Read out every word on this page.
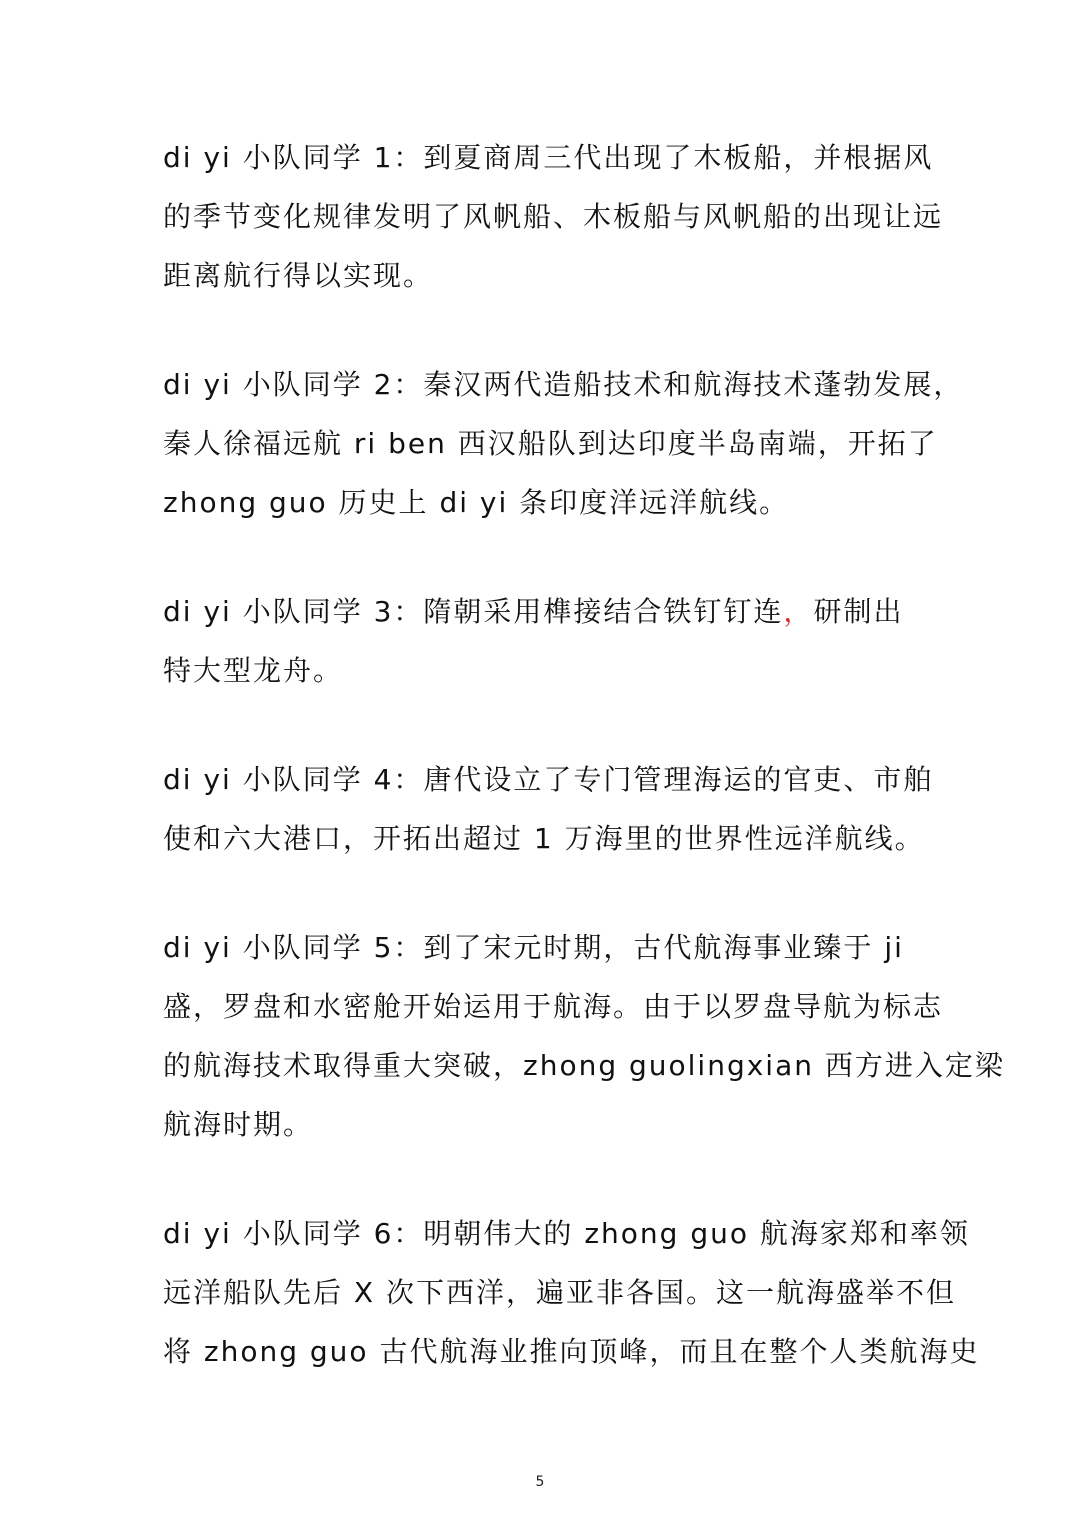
di yi 小队同学 1：到夏商周三代出现了木板船，并根据风
的季节变化规律发明了风帆船、木板船与风帆船的出现让远
距离航行得以实现。
di yi 小队同学 2：秦汉两代造船技术和航海技术蓬勃发展，
秦人徐福远航 ri ben 西汉船队到达印度半岛南端，开拓了
zhong guo 历史上 di yi 条印度洋远洋航线。
di yi 小队同学 3：隋朝采用榫接结合铁钉钉连，研制出
特大型龙舟。
di yi 小队同学 4：唐代设立了专门管理海运的官吏、市舶
使和六大港口，开拓出超过 1 万海里的世界性远洋航线。
di yi 小队同学 5：到了宋元时期，古代航海事业臻于 ji
盛，罗盘和水密舱开始运用于航海。由于以罗盘导航为标志
的航海技术取得重大突破，zhong guolingxian 西方进入定梁
航海时期。
di yi 小队同学 6：明朝伟大的 zhong guo 航海家郑和率领
远洋船队先后 X 次下西洋，遍亚非各国。这一航海盛举不但
将 zhong guo 古代航海业推向顶峰，而且在整个人类航海史
5
